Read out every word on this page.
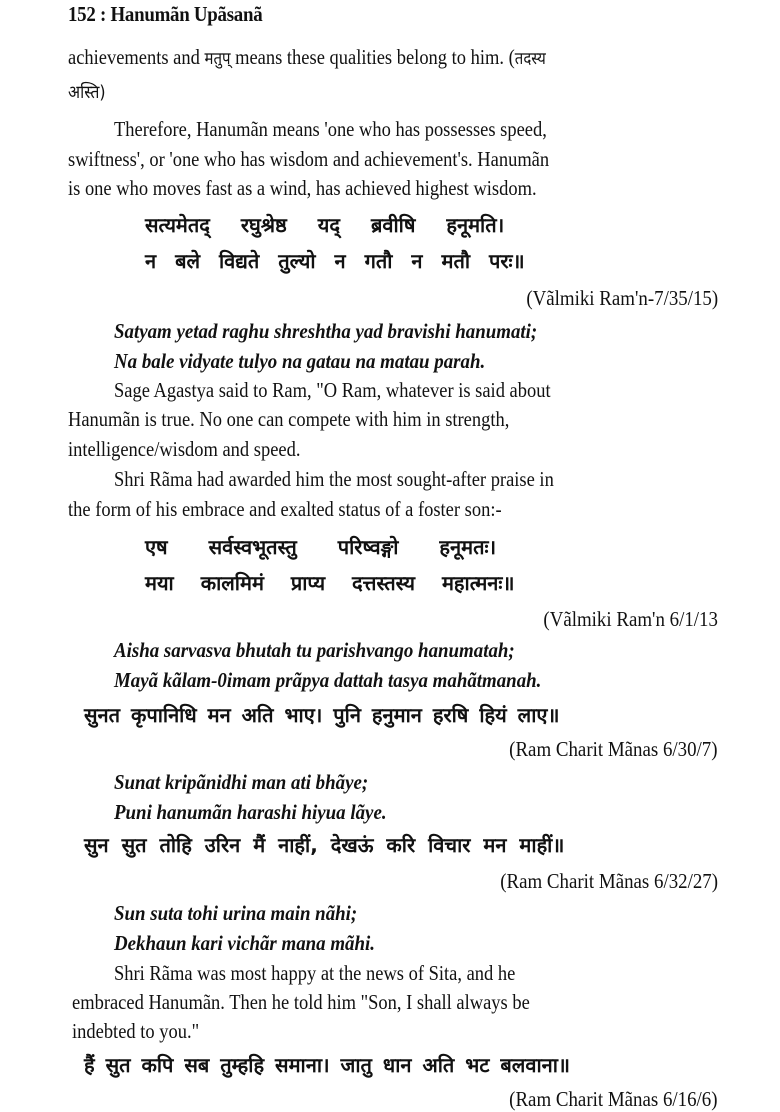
152 : Hanumãn Upãsanã
achievements and मतुप् means these qualities belong to him. (तदस्य
अस्ति)
Therefore, Hanumãn means 'one who has possesses speed,
swiftness', or 'one who has wisdom and achievement's. Hanumãn
is one who moves fast as a wind, has achieved highest wisdom.
सत्यमेतद् रघुश्रेष्ठ यद् ब्रवीषि हनूमति।
न बले विद्यते तुल्यो न गतौ न मतौ परः॥
(Vãlmiki Ram'n-7/35/15)
Satyam yetad raghu shreshtha yad bravishi hanumati;
Na bale vidyate tulyo na gatau na matau parah.
Sage Agastya said to Ram, "O Ram, whatever is said about
Hanumãn is true. No one can compete with him in strength,
intelligence/wisdom and speed.
Shri Rãma had awarded him the most sought-after praise in
the form of his embrace and exalted status of a foster son:-
एष सर्वस्वभूतस्तु परिष्वङ्गो हनूमतः।
मया कालमिमं प्राप्य दत्तस्तस्य महात्मनः॥
(Vãlmiki Ram'n 6/1/13
Aisha sarvasva bhutah tu parishvango hanumatah;
Mayã kãlam-0imam prãpya dattah tasya mahãtmanah.
सुनत कृपानिधि मन अति भाए। पुनि हनुमान हरषि हियं लाए॥
(Ram Charit Mãnas 6/30/7)
Sunat kripãnidhi man ati bhãye;
Puni hanumãn harashi hiyua lãye.
सुन सुत तोहि उरिन मैं नाहीं, देखऊं करि विचार मन माहीं॥
(Ram Charit Mãnas 6/32/27)
Sun suta tohi urina main nãhi;
Dekhaun kari vichãr mana mãhi.
Shri Rãma was most happy at the news of Sita, and he
embraced Hanumãn. Then he told him "Son, I shall always be
indebted to you."
हैं सुत कपि सब तुम्हहि समाना। जातु धान अति भट बलवाना॥
(Ram Charit Mãnas 6/16/6)
